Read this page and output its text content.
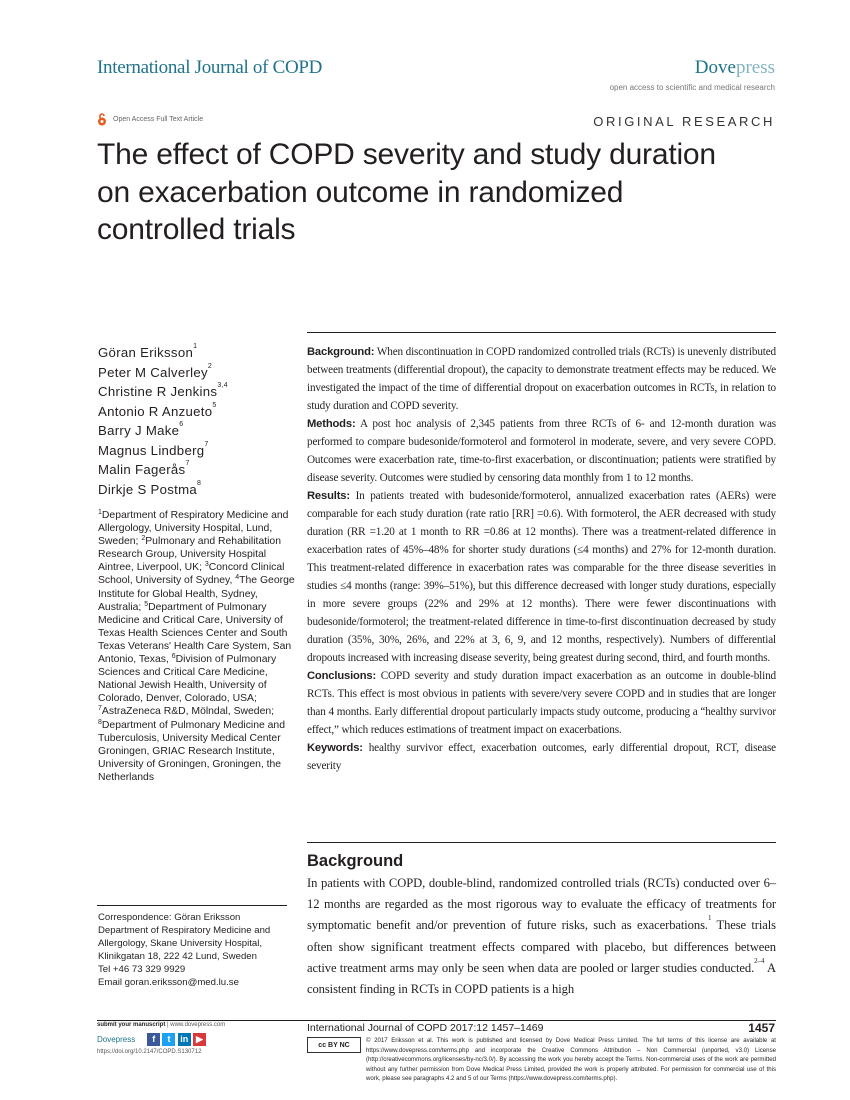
International Journal of COPD	Dovepress
open access to scientific and medical research
Open Access Full Text Article	ORIGINAL RESEARCH
The effect of COPD severity and study duration
on exacerbation outcome in randomized
controlled trials
Göran Eriksson$^1$
Peter M Calverley$^2$
Christine R Jenkins$^{3,4}$
Antonio R Anzueto$^5$
Barry J Make$^6$
Magnus Lindberg$^7$
Malin Fagerås$^7$
Dirkje S Postma$^8$
$^1$Department of Respiratory Medicine and Allergology, University Hospital, Lund, Sweden; $^2$Pulmonary and Rehabilitation Research Group, University Hospital Aintree, Liverpool, UK; $^3$Concord Clinical School, University of Sydney, $^4$The George Institute for Global Health, Sydney, Australia; $^5$Department of Pulmonary Medicine and Critical Care, University of Texas Health Sciences Center and South Texas Veterans' Health Care System, San Antonio, Texas, $^6$Division of Pulmonary Sciences and Critical Care Medicine, National Jewish Health, University of Colorado, Denver, Colorado, USA; $^7$AstraZeneca R&D, Mölndal, Sweden; $^8$Department of Pulmonary Medicine and Tuberculosis, University Medical Center Groningen, GRIAC Research Institute, University of Groningen, Groningen, the Netherlands
Correspondence: Göran Eriksson
Department of Respiratory Medicine and
Allergology, Skane University Hospital,
Klinikgatan 18, 222 42 Lund, Sweden
Tel +46 73 329 9929
Email goran.eriksson@med.lu.se

Background: When discontinuation in COPD randomized controlled trials (RCTs) is unevenly distributed between treatments (differential dropout), the capacity to demonstrate treatment effects may be reduced. We investigated the impact of the time of differential dropout on exacerbation outcomes in RCTs, in relation to study duration and COPD severity.

Methods: A post hoc analysis of 2,345 patients from three RCTs of 6- and 12-month duration was performed to compare budesonide/formoterol and formoterol in moderate, severe, and very severe COPD. Outcomes were exacerbation rate, time-to-first exacerbation, or discontinuation; patients were stratified by disease severity. Outcomes were studied by censoring data monthly from 1 to 12 months.

Results: In patients treated with budesonide/formoterol, annualized exacerbation rates (AERs) were comparable for each study duration (rate ratio [RR] =0.6). With formoterol, the AER decreased with study duration (RR =1.20 at 1 month to RR =0.86 at 12 months). There was a treatment-related difference in exacerbation rates of 45%–48% for shorter study durations (≤4 months) and 27% for 12-month duration. This treatment-related difference in exacerbation rates was comparable for the three disease severities in studies ≤4 months (range: 39%–51%), but this difference decreased with longer study durations, especially in more severe groups (22% and 29% at 12 months). There were fewer discontinuations with budesonide/formoterol; the treatment-related difference in time-to-first discontinuation decreased by study duration (35%, 30%, 26%, and 22% at 3, 6, 9, and 12 months, respectively). Numbers of differential dropouts increased with increasing disease severity, being greatest during second, third, and fourth months.

Conclusions: COPD severity and study duration impact exacerbation as an outcome in double-blind RCTs. This effect is most obvious in patients with severe/very severe COPD and in studies that are longer than 4 months. Early differential dropout particularly impacts study outcome, producing a “healthy survivor effect,” which reduces estimations of treatment impact on exacerbations.

Keywords: healthy survivor effect, exacerbation outcomes, early differential dropout, RCT, disease severity

Background
In patients with COPD, double-blind, randomized controlled trials (RCTs) conducted over 6–12 months are regarded as the most rigorous way to evaluate the efficacy of treatments for symptomatic benefit and/or prevention of future risks, such as exacerbations.$^1$ These trials often show significant treatment effects compared with placebo, but differences between active treatment arms may only be seen when data are pooled or larger studies conducted.$^{2-4}$ A consistent finding in RCTs in COPD patients is a high
submit your manuscript | www.dovepress.com
Dovepress	f t in ▶
https://doi.org/10.2147/COPD.S130712
International Journal of COPD 2017:12 1457–1469	1457
cc BY NC
© 2017 Eriksson et al. This work is published and licensed by Dove Medical Press Limited. The full terms of this license are available at https://www.dovepress.com/terms.php and incorporate the Creative Commons Attribution – Non Commercial (unported, v3.0) License (http://creativecommons.org/licenses/by-nc/3.0/). By accessing the work you hereby accept the Terms. Non-commercial uses of the work are permitted without any further permission from Dove Medical Press Limited, provided the work is properly attributed. For permission for commercial use of this work, please see paragraphs 4.2 and 5 of our Terms (https://www.dovepress.com/terms.php).
